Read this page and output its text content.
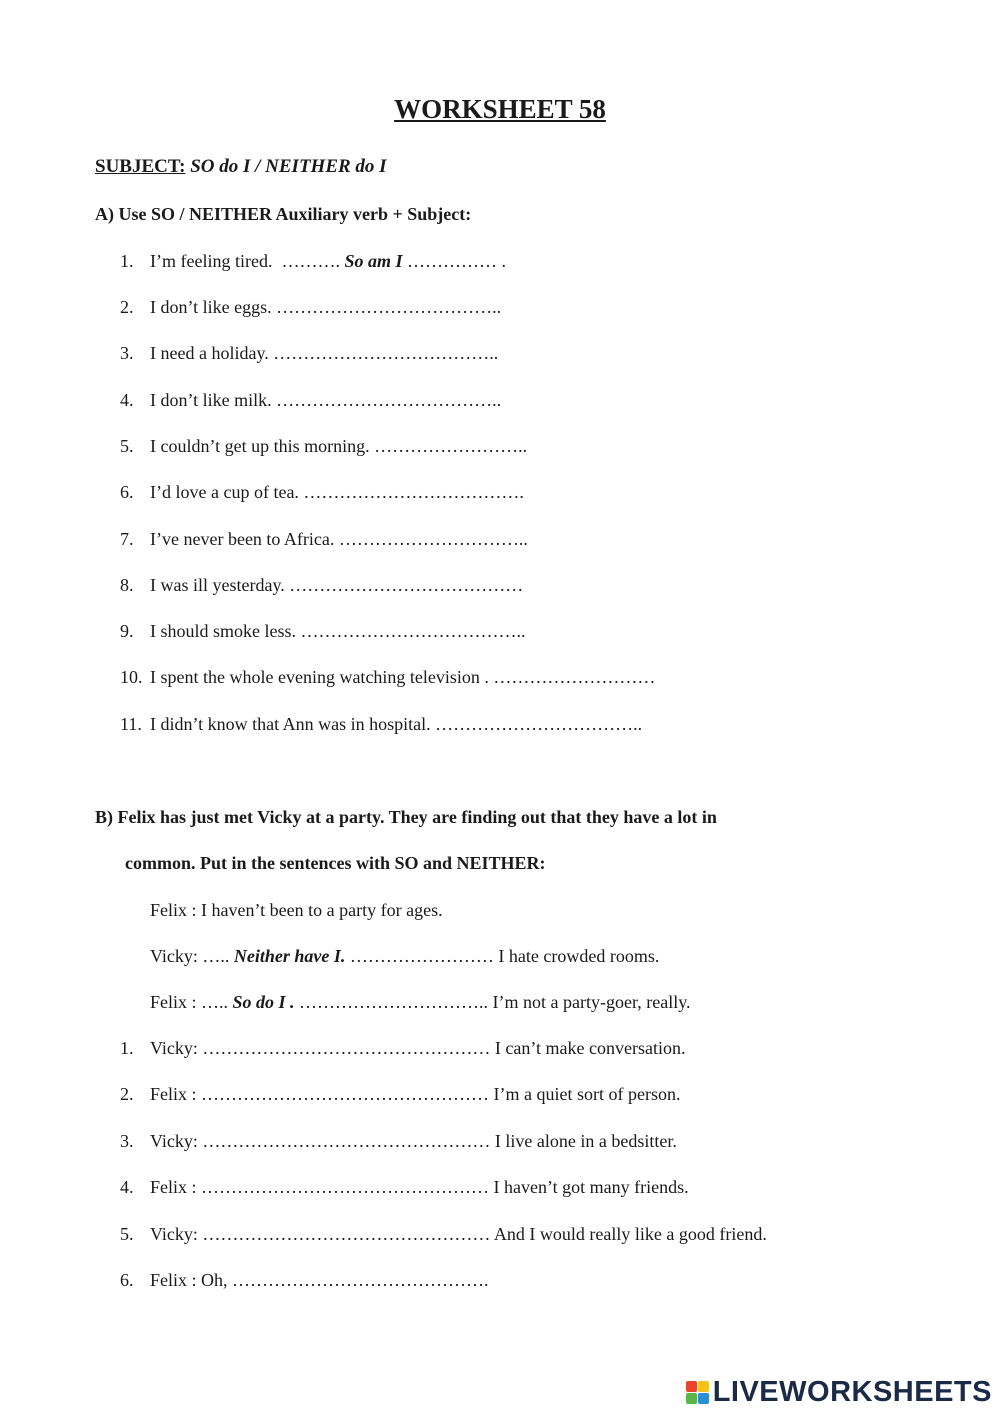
WORKSHEET 58
SUBJECT: SO do I / NEITHER do I
A) Use SO / NEITHER Auxiliary verb + Subject:
1. I’m feeling tired. ………. So am I …………… .
2. I don’t like eggs. ………………………………..
3. I need a holiday. ………………………………..
4. I don’t like milk. ………………………………..
5. I couldn’t get up this morning. ……………………..
6. I’d love a cup of tea. ……………………………….
7. I’ve never been to Africa. …………………………..
8. I was ill yesterday. …………………………………
9. I should smoke less. ………………………………..
10. I spent the whole evening watching television . ………………………
11. I didn’t know that Ann was in hospital. ……………………………..
B) Felix has just met Vicky at a party. They are finding out that they have a lot in
common. Put in the sentences with SO and NEITHER:
Felix : I haven’t been to a party for ages.
Vicky: ….. Neither have I. …………………… I hate crowded rooms.
Felix : ….. So do I . ………………………….. I’m not a party-goer, really.
1. Vicky: ………………………………………… I can’t make conversation.
2. Felix : ………………………………………… I’m a quiet sort of person.
3. Vicky: ………………………………………… I live alone in a bedsitter.
4. Felix : ………………………………………… I haven’t got many friends.
5. Vicky: ………………………………………… And I would really like a good friend.
6. Felix : Oh, …………………………………….
LIVEWORKSHEETS
